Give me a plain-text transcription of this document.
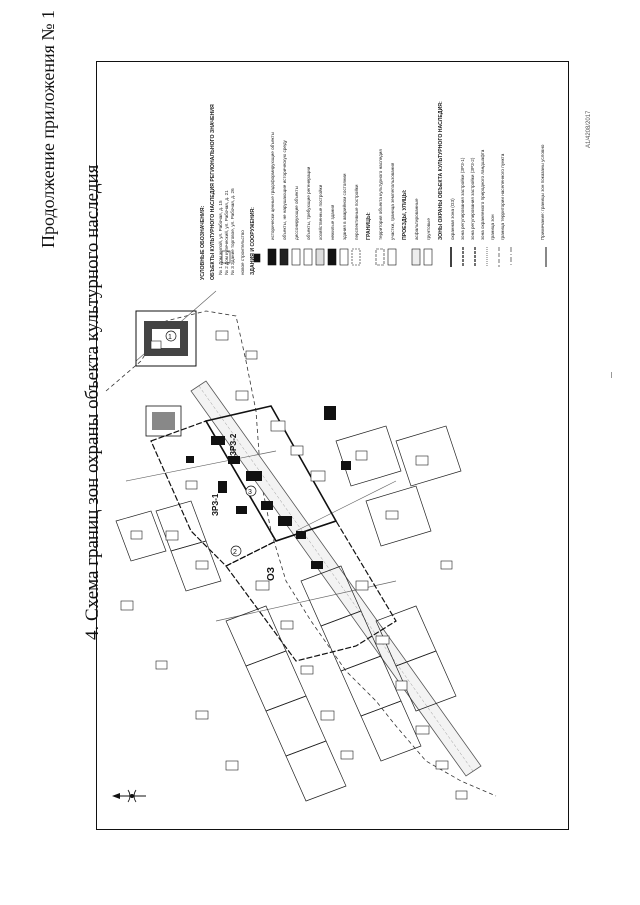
Продолжение приложения № 1
4. Схема границ зон охраны объекта культурного наследия
А1/4208/2017
ЗРЗ-1
ЗРЗ-2
ОЗ
1
2
3
УСЛОВНЫЕ ОБОЗНАЧЕНИЯ: ОБЪЕКТЫ КУЛЬТУРНОГО НАСЛЕДИЯ РЕГИОНАЛЬНОГО ЗНАЧЕНИЯ № 1 Дом жилой, ул. Рабочая, д. 15 № 2 Дом купеческий, ул. Рабочая, д. 21 № 3 Здание торговое, ул. Рабочая, д. 26 новое строительство ЗДАНИЯ И СООРУЖЕНИЯ:
исторически ценные градоформирующие объекты объекты, не нарушающие историческую среду диссонирующие объекты объекты, требующие регенерации хозяйственные постройки нежилые здания здания в аварийном состоянии перспективные постройки ГРАНИЦЫ: территория объекта культурного наследия участки, граница землепользования ПРОЕЗДЫ, УЛИЦЫ: асфальтированные грунтовые ЗОНЫ ОХРАНЫ ОБЪЕКТА КУЛЬТУРНОГО НАСЛЕДИЯ: охранная зона (ОЗ) зона регулирования застройки (ЗРЗ-1) зона регулирования застройки (ЗРЗ-2) зона охраняемого природного ландшафта граница зон граница территории населенного пункта	Примечание: границы зон показаны условно
